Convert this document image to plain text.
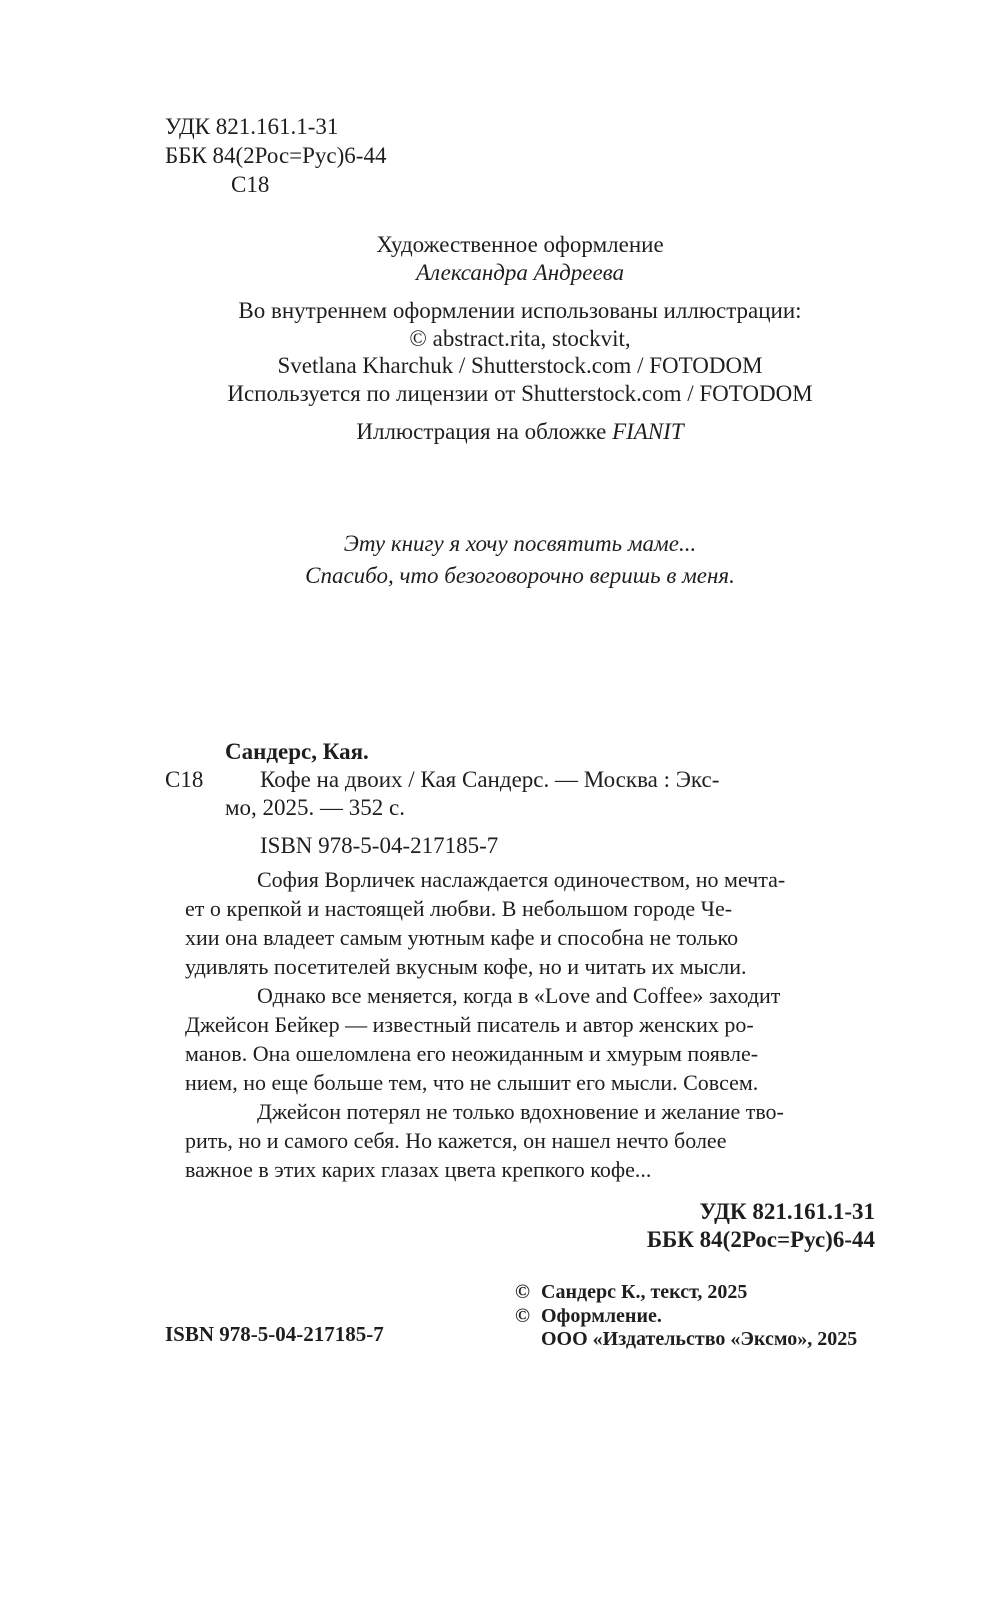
УДК 821.161.1-31
ББК 84(2Рос=Рус)6-44
С18
Художественное оформление
Александра Андреева
Во внутреннем оформлении использованы иллюстрации:
© abstract.rita, stockvit,
Svetlana Kharchuk / Shutterstock.com / FOTODOM
Используется по лицензии от Shutterstock.com / FOTODOM
Иллюстрация на обложке FIANIT
Эту книгу я хочу посвятить маме...
Спасибо, что безоговорочно веришь в меня.
Сандерс, Кая.
С18	Кофе на двоих / Кая Сандерс. — Москва : Экс-
мо, 2025. — 352 с.
ISBN 978-5-04-217185-7
София Ворличек наслаждается одиночеством, но мечта-
ет о крепкой и настоящей любви. В небольшом городе Че-
хии она владеет самым уютным кафе и способна не только
удивлять посетителей вкусным кофе, но и читать их мысли.
Однако все меняется, когда в «Love and Coffee» заходит
Джейсон Бейкер — известный писатель и автор женских ро-
манов. Она ошеломлена его неожиданным и хмурым появле-
нием, но еще больше тем, что не слышит его мысли. Совсем.
Джейсон потерял не только вдохновение и желание тво-
рить, но и самого себя. Но кажется, он нашел нечто более
важное в этих карих глазах цвета крепкого кофе...
УДК 821.161.1-31
ББК 84(2Рос=Рус)6-44
© Сандерс К., текст, 2025
© Оформление.
ООО «Издательство «Эксмо», 2025
ISBN 978-5-04-217185-7
